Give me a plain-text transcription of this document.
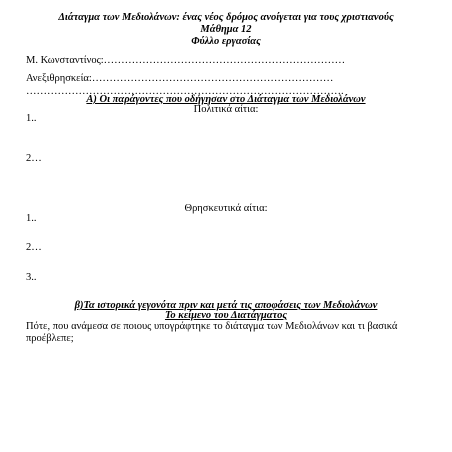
Διάταγμα των Μεδιολάνων: ένας νέος δρόμος ανοίγεται για τους χριστιανούς
Μάθημα 12
Φύλλο εργασίας
Μ. Κωνσταντίνος:……………………………………………………………
Ανεξιθρησκεία:……………………………………………………………
……………………………………………………………………………….
Α) Οι παράγοντες που οδήγησαν στο Διάταγμα των Μεδιολάνων
Πολιτικά αίτια:
1..
2…
Θρησκευτικά αίτια:
1..
2…
3..
β)Τα ιστορικά γεγονότα πριν και μετά τις αποφάσεις των Μεδιολάνων
Το κείμενο του Διατάγματος
Πότε, που ανάμεσα σε ποιους υπογράφτηκε το διάταγμα των Μεδιολάνων και τι βασικά προέβλεπε;
